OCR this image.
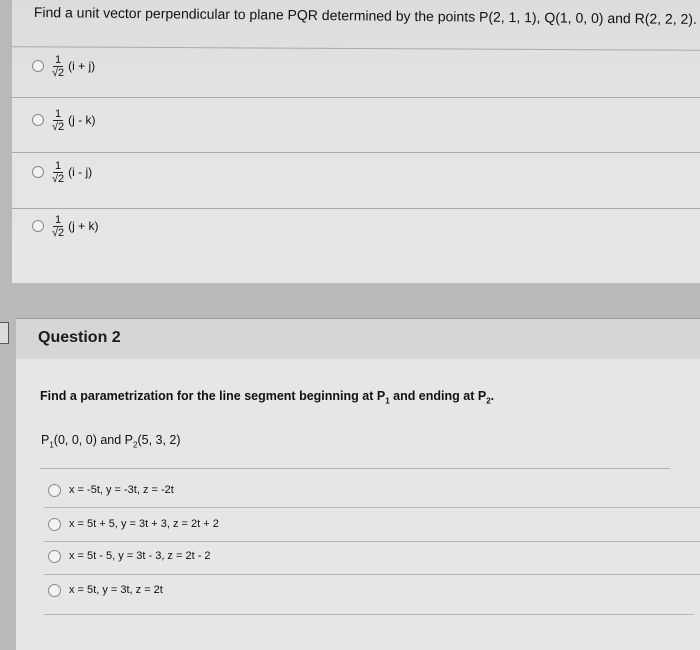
Find a unit vector perpendicular to plane PQR determined by the points P(2, 1, 1), Q(1, 0, 0) and R(2, 2, 2).
$\frac{1}{√2} (i + j)$
$\frac{1}{√2} (j - k)$
$\frac{1}{√2} (i - j)$
$\frac{1}{√2} (j + k)$
Question 2
Find a parametrization for the line segment beginning at $P_1$ and ending at $P_2$.
$P_1(0$, 0, 0) and $P_2(5$, 3, 2)
x = -5t, y = -3t, z = -2t
x = 5t + 5, y = 3t + 3, z = 2t + 2
x = 5t - 5, y = 3t - 3, z = 2t - 2
x = 5t, y = 3t, z = 2t
